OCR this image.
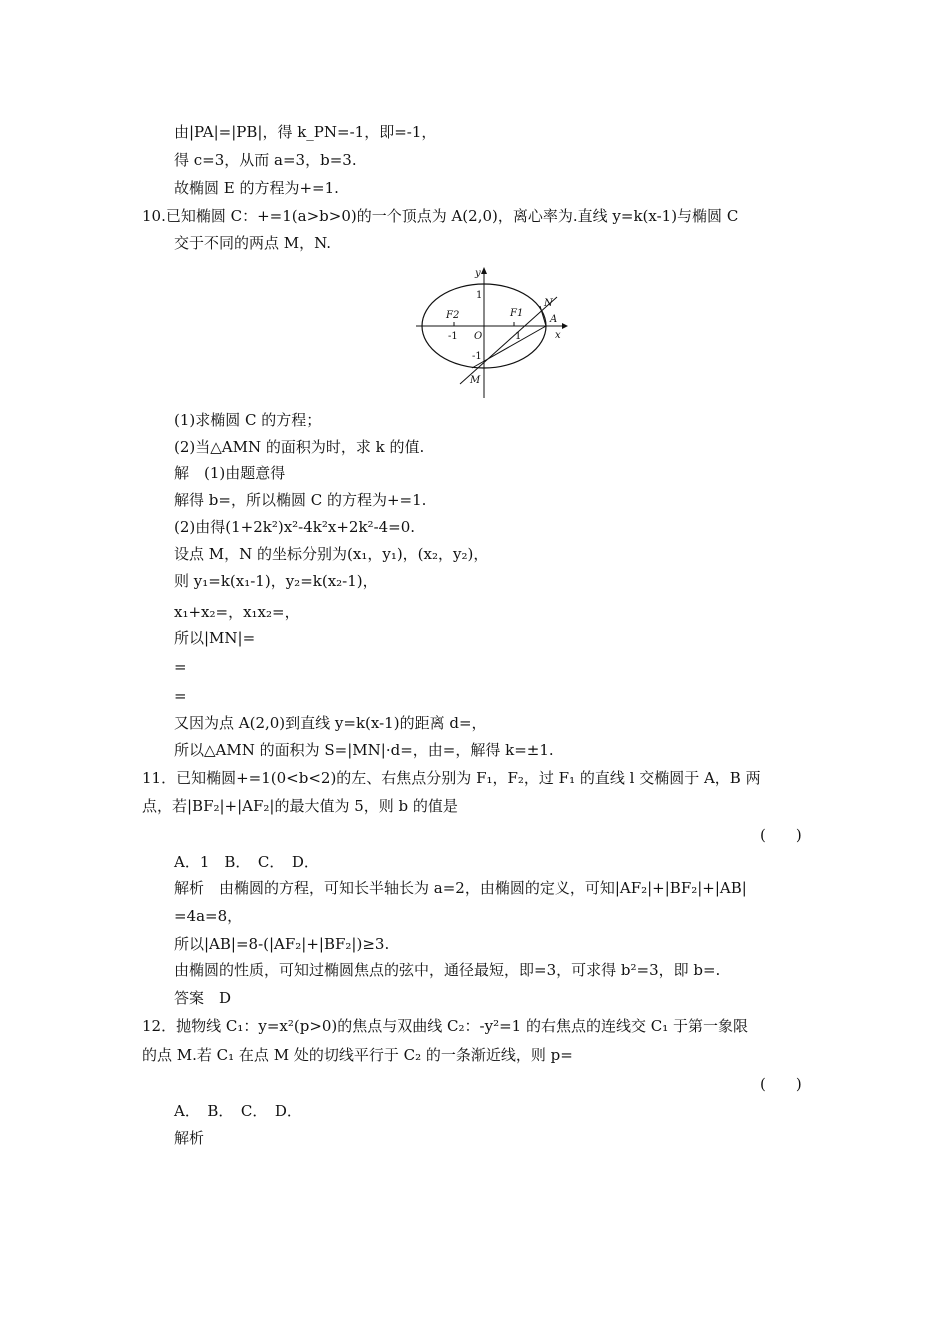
由|PA|=|PB|，得 k_PN=-1，即=-1，
得 c=3，从而 a=3，b=3.
故椭圆 E 的方程为+=1.
10.已知椭圆 C：+=1(a>b>0)的一个顶点为 A(2,0)，离心率为.直线 y=k(x-1)与椭圆 C
交于不同的两点 M，N.
y
x
1
F2	F1
N
A
-1 O	1
-1
M
(1)求椭圆 C 的方程；
(2)当△AMN 的面积为时，求 k 的值.
解　(1)由题意得
解得 b=，所以椭圆 C 的方程为+=1.
(2)由得(1+2k²)x²-4k²x+2k²-4=0.
设点 M，N 的坐标分别为(x₁，y₁)，(x₂，y₂)，
则 y₁=k(x₁-1)，y₂=k(x₂-1)，
x₁+x₂=，x₁x₂=，
所以|MN|=
=
=
又因为点 A(2,0)到直线 y=k(x-1)的距离 d=，
所以△AMN 的面积为 S=|MN|·d=，由=，解得 k=±1.
11．已知椭圆+=1(0<b<2)的左、右焦点分别为 F₁，F₂，过 F₁ 的直线 l 交椭圆于 A，B 两
点，若|BF₂|+|AF₂|的最大值为 5，则 b 的值是
(　　)
A．1　B．　C．　D．
解析　由椭圆的方程，可知长半轴长为 a=2，由椭圆的定义，可知|AF₂|+|BF₂|+|AB|
=4a=8，
所以|AB|=8-(|AF₂|+|BF₂|)≥3.
由椭圆的性质，可知过椭圆焦点的弦中，通径最短，即=3，可求得 b²=3，即 b=.
答案　D
12．抛物线 C₁：y=x²(p>0)的焦点与双曲线 C₂：-y²=1 的右焦点的连线交 C₁ 于第一象限
的点 M.若 C₁ 在点 M 处的切线平行于 C₂ 的一条渐近线，则 p=
(　　)
A．　B．　C．　D．
解析
